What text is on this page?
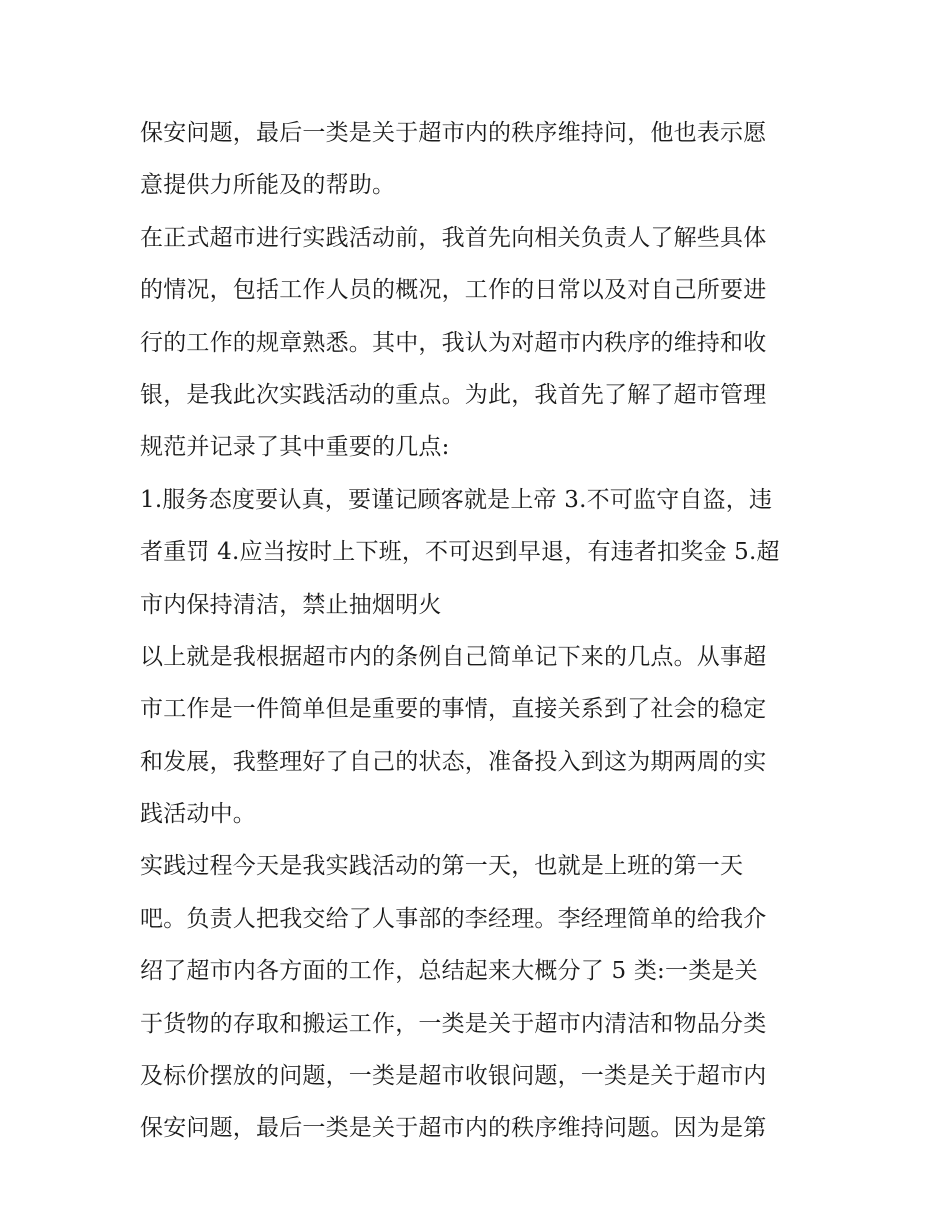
保安问题，最后一类是关于超市内的秩序维持问，他也表示愿
意提供力所能及的帮助。
在正式超市进行实践活动前，我首先向相关负责人了解些具体
的情况，包括工作人员的概况，工作的日常以及对自己所要进
行的工作的规章熟悉。其中，我认为对超市内秩序的维持和收
银，是我此次实践活动的重点。为此，我首先了解了超市管理
规范并记录了其中重要的几点:
1.服务态度要认真，要谨记顾客就是上帝 3.不可监守自盗，违
者重罚 4.应当按时上下班，不可迟到早退，有违者扣奖金 5.超
市内保持清洁，禁止抽烟明火
以上就是我根据超市内的条例自己简单记下来的几点。从事超
市工作是一件简单但是重要的事情，直接关系到了社会的稳定
和发展，我整理好了自己的状态，准备投入到这为期两周的实
践活动中。
实践过程今天是我实践活动的第一天，也就是上班的第一天
吧。负责人把我交给了人事部的李经理。李经理简单的给我介
绍了超市内各方面的工作，总结起来大概分了 5 类:一类是关
于货物的存取和搬运工作，一类是关于超市内清洁和物品分类
及标价摆放的问题，一类是超市收银问题，一类是关于超市内
保安问题，最后一类是关于超市内的秩序维持问题。因为是第
